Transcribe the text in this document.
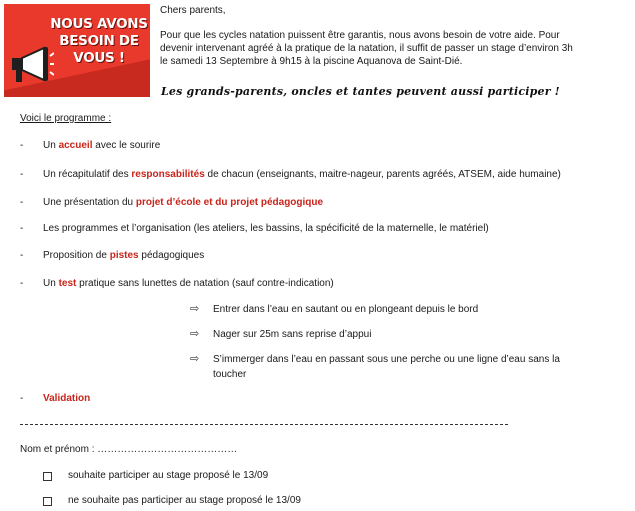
NOUS AVONS
BESOIN DE
VOUS !
Chers parents,
Pour que les cycles natation puissent être garantis, nous avons besoin de votre aide. Pour
devenir intervenant agréé à la pratique de la natation, il suffit de passer un stage d’environ 3h
le samedi 13 Septembre à 9h15 à la piscine Aquanova de Saint-Dié.
Les grands-parents, oncles et tantes peuvent aussi participer !
Voici le programme :
- Un accueil avec le sourire
- Un récapitulatif des responsabilités de chacun (enseignants, maitre-nageur, parents agréés, ATSEM, aide humaine)
- Une présentation du projet d’école et du projet pédagogique
- Les programmes et l’organisation (les ateliers, les bassins, la spécificité de la maternelle, le matériel)
- Proposition de pistes pédagogiques
- Un test pratique sans lunettes de natation (sauf contre-indication)
⇨ Entrer dans l’eau en sautant ou en plongeant depuis le bord
⇨ Nager sur 25m sans reprise d’appui
⇨ S’immerger dans l’eau en passant sous une perche ou une ligne d’eau sans la
toucher
- Validation
Nom et prénom : ……………………………………
souhaite participer au stage proposé le 13/09
ne souhaite pas participer au stage proposé le 13/09
